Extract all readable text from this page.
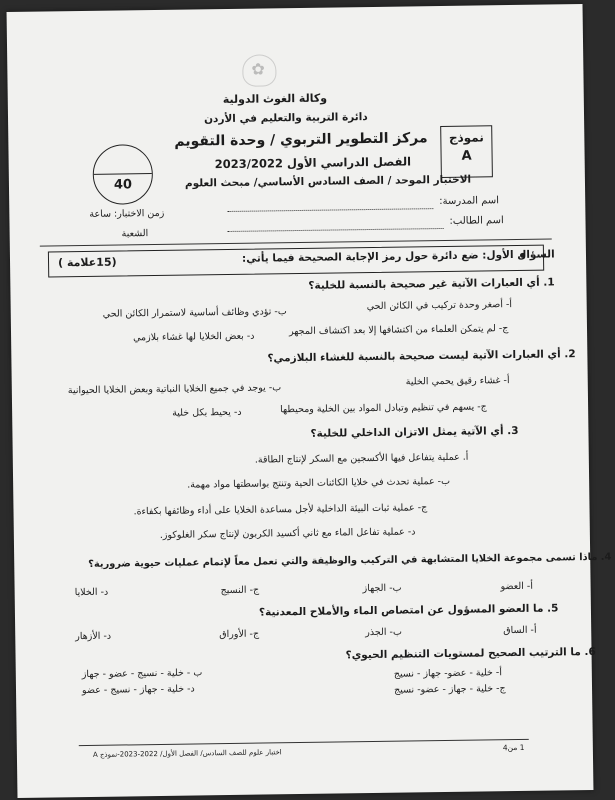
✿
وكالة الغوث الدولية
دائرة التربية والتعليم في الأردن
مركز التطوير التربوي / وحدة التقويم
الفصل الدراسي الأول 2023/2022
الاختبار الموحد / الصف السادس الأساسي/ مبحث العلوم
نموذج
A
40
اسم المدرسة:
زمن الاختبار: ساعة
اسم الطالب:
الشعبة
السؤال الأول: ضع دائرة حول رمز الإجابة الصحيحة فيما يأتي:
(15علامة )
1. أي العبارات الآتية غير صحيحة بالنسبة للخلية؟
أ- أصغر وحدة تركيب في الكائن الحي
ب- تؤدي وظائف أساسية لاستمرار الكائن الحي
ج- لم يتمكن العلماء من اكتشافها إلا بعد اكتشاف المجهر
د- بعض الخلايا لها غشاء بلازمي
2. أي العبارات الآتية ليست صحيحة بالنسبة للغشاء البلازمي؟
أ- غشاء رقيق يحمي الخلية
ب- يوجد في جميع الخلايا النباتية وبعض الخلايا الحيوانية
ج- يسهم في تنظيم وتبادل المواد بين الخلية ومحيطها
د- يحيط بكل خلية
3. أي الآتية يمثل الاتزان الداخلي للخلية؟
أ. عملية يتفاعل فيها الأكسجين مع السكر لإنتاج الطاقة.
ب- عملية تحدث في خلايا الكائنات الحية وتنتج بواسطتها مواد مهمة.
ج- عملية ثبات البيئة الداخلية لأجل مساعدة الخلايا على أداء وظائفها بكفاءة.
د- عملية تفاعل الماء مع ثاني أكسيد الكربون لإنتاج سكر الغلوكوز.
4. ماذا تسمى مجموعة الخلايا المتشابهة في التركيب والوظيفة والتي تعمل معاً لإتمام عمليات حيوية ضرورية؟
أ- العضو
ب- الجهاز
ج- النسيج
د- الخلايا
5. ما العضو المسؤول عن امتصاص الماء والأملاح المعدنية؟
أ- الساق
ب- الجذر
ج- الأوراق
د- الأزهار
6. ما الترتيب الصحيح لمستويات التنظيم الحيوي؟
أ- خلية - عضو- جهاز - نسيج
ب - خلية - نسيج - عضو - جهاز
ج- خلية - جهاز - عضو- نسيج
د- خلية - جهاز - نسيج - عضو
1 من4
اختبار علوم للصف السادس/ الفصل الأول/ 2022-2023-نموذج A
